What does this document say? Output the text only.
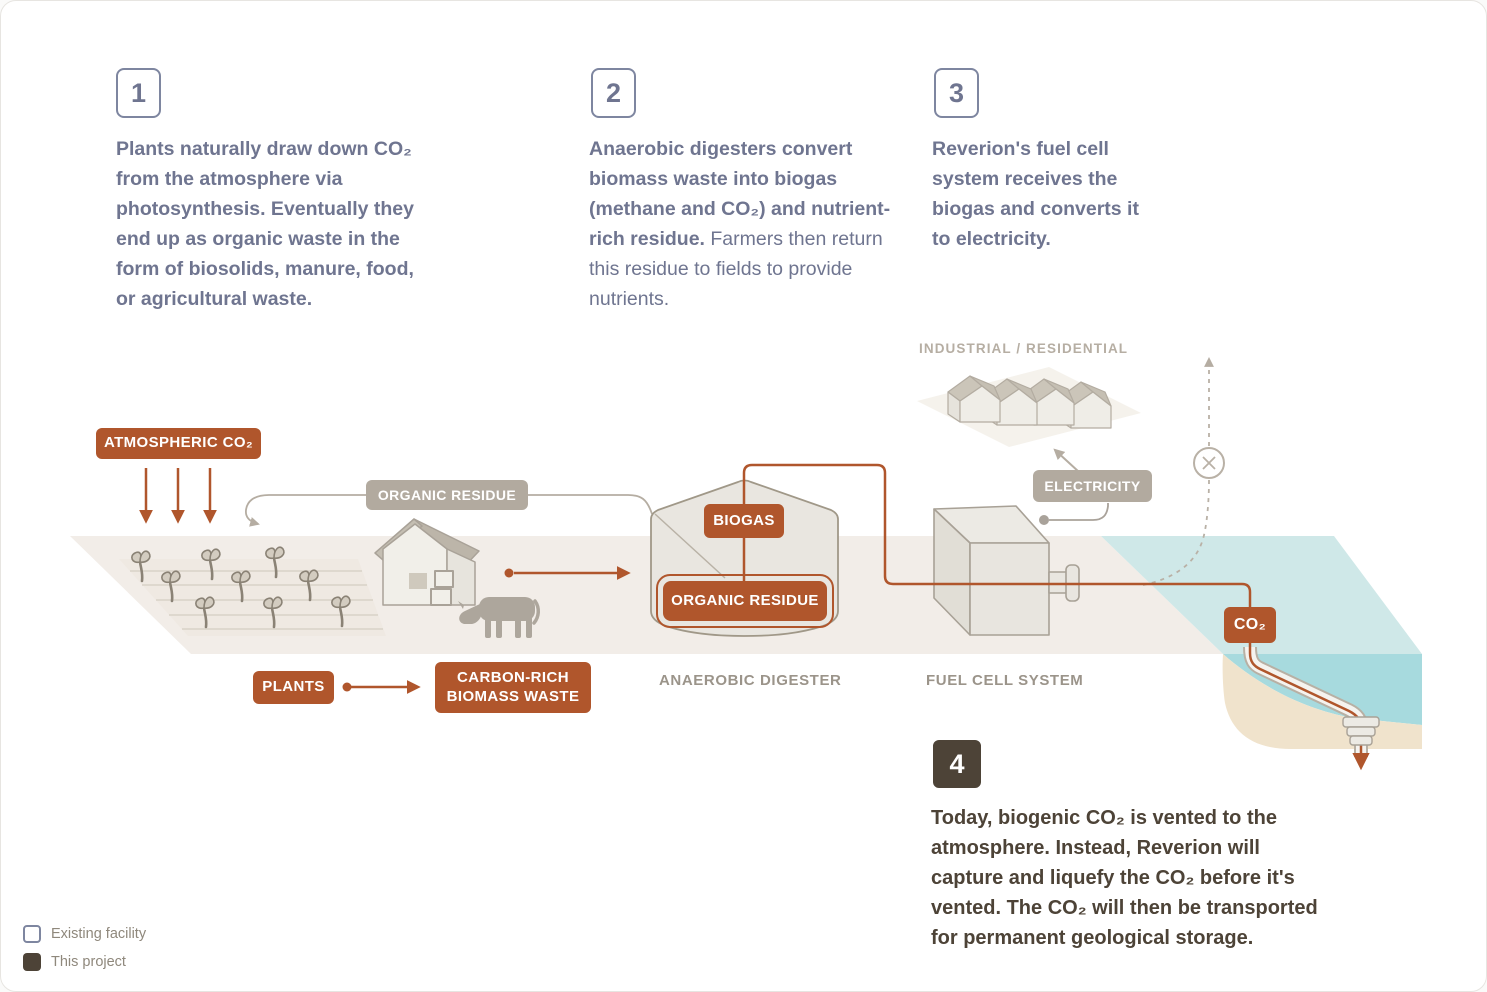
1
Plants naturally draw down CO₂ from the atmosphere via photosynthesis. Eventually they end up as organic waste in the form of biosolids, manure, food, or agricultural waste.
2
Anaerobic digesters convert biomass waste into biogas (methane and CO₂) and nutrient-rich residue. Farmers then return this residue to fields to provide nutrients.
3
Reverion's fuel cell system receives the biogas and converts it to electricity.
4
Today, biogenic CO₂ is vented to the atmosphere. Instead, Reverion will capture and liquefy the CO₂ before it's vented. The CO₂ will then be transported for permanent geological storage.
ATMOSPHERIC CO₂
ORGANIC RESIDUE
BIOGAS
ORGANIC RESIDUE
PLANTS
CARBON-RICH BIOMASS WASTE
ELECTRICITY
CO₂
INDUSTRIAL / RESIDENTIAL
ANAEROBIC DIGESTER	FUEL CELL SYSTEM
Existing facility
This project
